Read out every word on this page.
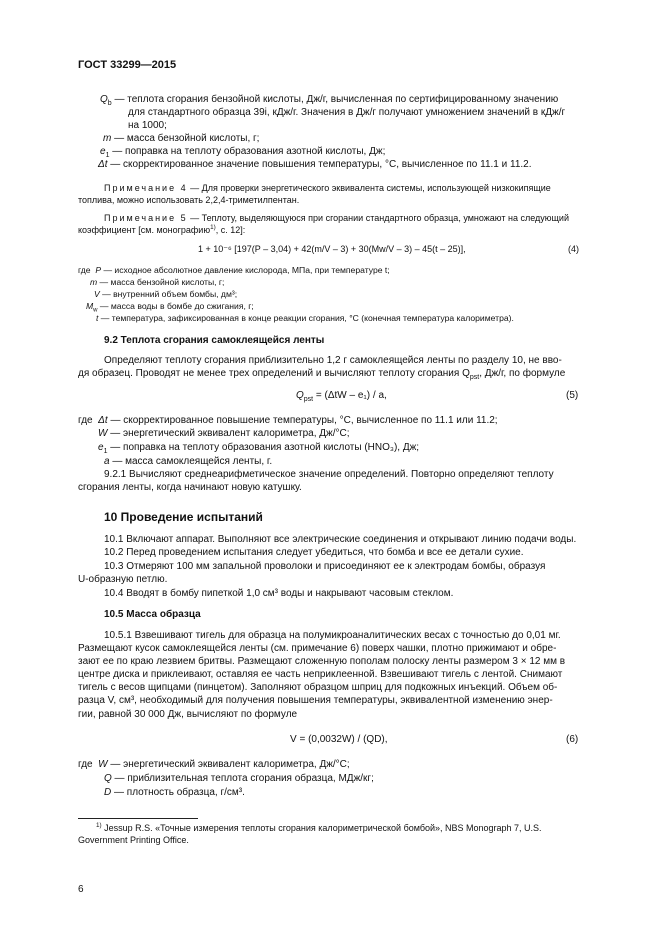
ГОСТ 33299—2015
$Q_b$ — теплота сгорания бензойной кислоты, Дж/г, вычисленная по сертифицированному значению
для стандартного образца 39i, кДж/г. Значения в Дж/г получают умножением значений в кДж/г
на 1000;
m — масса бензойной кислоты, г;
$e_1$ — поправка на теплоту образования азотной кислоты, Дж;
Δt — скорректированное значение повышения температуры, °C, вычисленное по 11.1 и 11.2.
Примечание 4 — Для проверки энергетического эквивалента системы, использующей низкокипящие
топлива, можно использовать 2,2,4-триметилпентан.
Примечание 5 — Теплоту, выделяющуюся при сгорании стандартного образца, умножают на следующий
коэффициент [см. монографию$^{1)}$, с. 12]:
1 + 10⁻⁶ [197(P – 3,04) + 42(m/V – 3) + 30(Mw/V – 3) – 45(t – 25)],	(4)
где P — исходное абсолютное давление кислорода, МПа, при температуре t;
m — масса бензойной кислоты, г;
V — внутренний объем бомбы, дм³;
$M_w$ — масса воды в бомбе до сжигания, г;
t — температура, зафиксированная в конце реакции сгорания, °C (конечная температура калориметра).
9.2 Теплота сгорания самоклеящейся ленты
Определяют теплоту сгорания приблизительно 1,2 г самоклеящейся ленты по разделу 10, не вво-
дя образец. Проводят не менее трех определений и вычисляют теплоту сгорания $Q_{pst}$, Дж/г, по формуле
$Q_{pst} = (\Delta tW - e_1) / a$,	(5)
где Δt — скорректированное повышение температуры, °C, вычисленное по 11.1 или 11.2;
W — энергетический эквивалент калориметра, Дж/°C;
$e_1$ — поправка на теплоту образования азотной кислоты (HNO₃), Дж;
a — масса самоклеящейся ленты, г.
9.2.1 Вычисляют среднеарифметическое значение определений. Повторно определяют теплоту
сгорания ленты, когда начинают новую катушку.
10 Проведение испытаний
10.1 Включают аппарат. Выполняют все электрические соединения и открывают линию подачи воды.
10.2 Перед проведением испытания следует убедиться, что бомба и все ее детали сухие.
10.3 Отмеряют 100 мм запальной проволоки и присоединяют ее к электродам бомбы, образуя
U-образную петлю.
10.4 Вводят в бомбу пипеткой 1,0 см³ воды и накрывают часовым стеклом.
10.5 Масса образца
10.5.1 Взвешивают тигель для образца на полумикроаналитических весах с точностью до 0,01 мг.
Размещают кусок самоклеящейся ленты (см. примечание 6) поверх чашки, плотно прижимают и обре-
зают ее по краю лезвием бритвы. Размещают сложенную пополам полоску ленты размером 3 × 12 мм в
центре диска и приклеивают, оставляя ее часть неприклеенной. Взвешивают тигель с лентой. Снимают
тигель с весов щипцами (пинцетом). Заполняют образцом шприц для подкожных инъекций. Объем об-
разца V, см³, необходимый для получения повышения температуры, эквивалентной изменению энер-
гии, равной 30 000 Дж, вычисляют по формуле
V = (0,0032W) / (QD),	(6)
где W — энергетический эквивалент калориметра, Дж/°C;
Q — приблизительная теплота сгорания образца, МДж/кг;
D — плотность образца, г/см³.
$^{1)}$ Jessup R.S. «Точные измерения теплоты сгорания калориметрической бомбой», NBS Monograph 7, U.S.
Government Printing Office.
6
